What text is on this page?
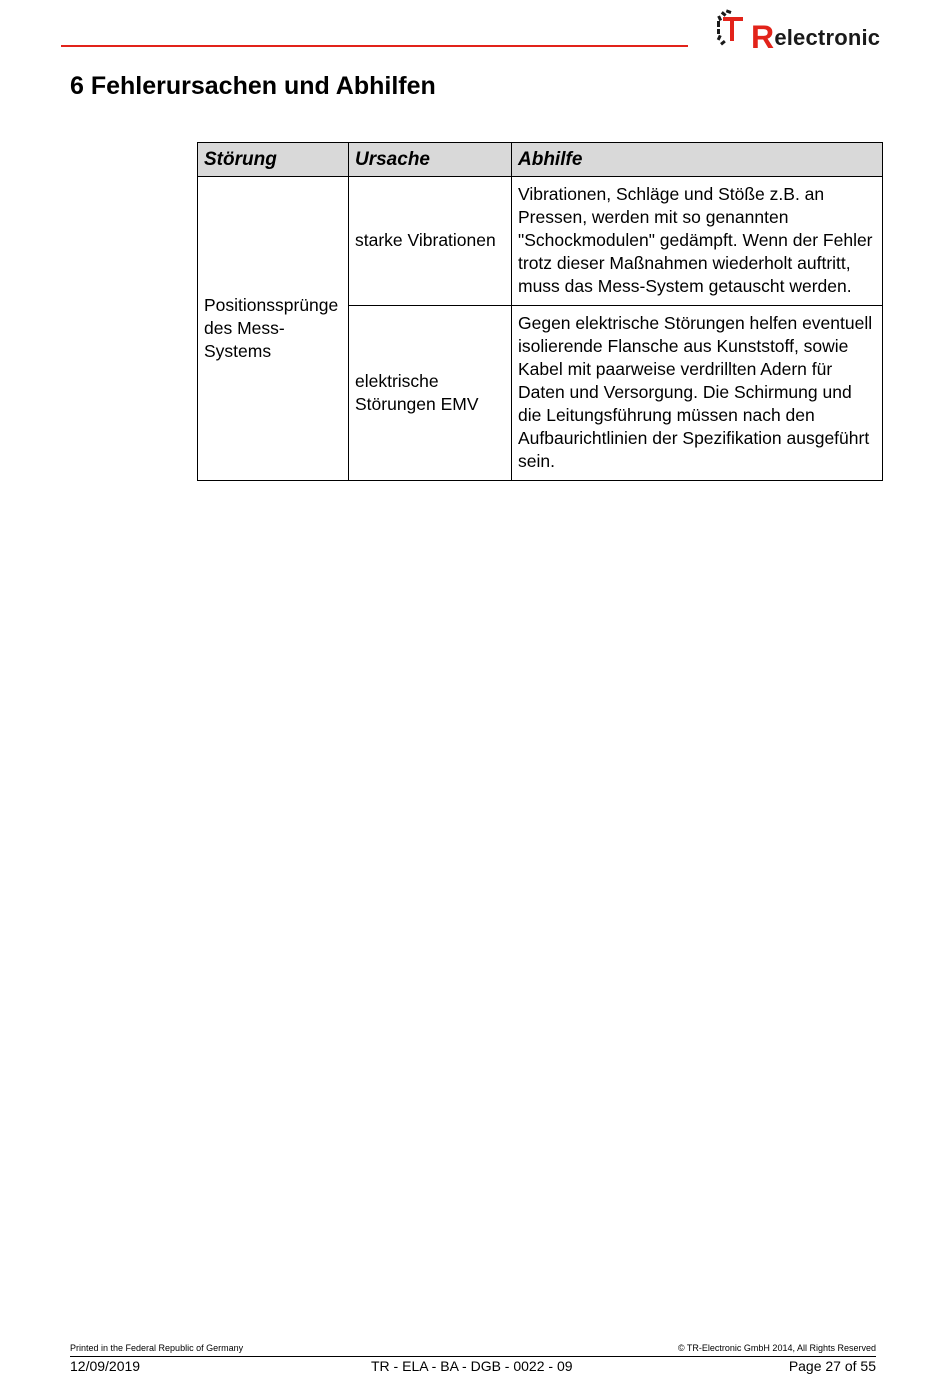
Relectronic
6 Fehlerursachen und Abhilfen
Störung	Ursache	Abhilfe
Positionssprünge des Mess-Systems	starke Vibrationen	Vibrationen, Schläge und Stöße z.B. an Pressen, werden mit so genannten "Schockmodulen" gedämpft. Wenn der Fehler trotz dieser Maßnahmen wiederholt auftritt, muss das Mess-System getauscht werden.
	elektrische Störungen EMV	Gegen elektrische Störungen helfen eventuell isolierende Flansche aus Kunststoff, sowie Kabel mit paarweise verdrillten Adern für Daten und Versorgung. Die Schirmung und die Leitungsführung müssen nach den Aufbaurichtlinien der Spezifikation ausgeführt sein.
Printed in the Federal Republic of Germany	© TR-Electronic GmbH 2014, All Rights Reserved
12/09/2019	TR - ELA - BA - DGB - 0022 - 09	Page 27 of 55
